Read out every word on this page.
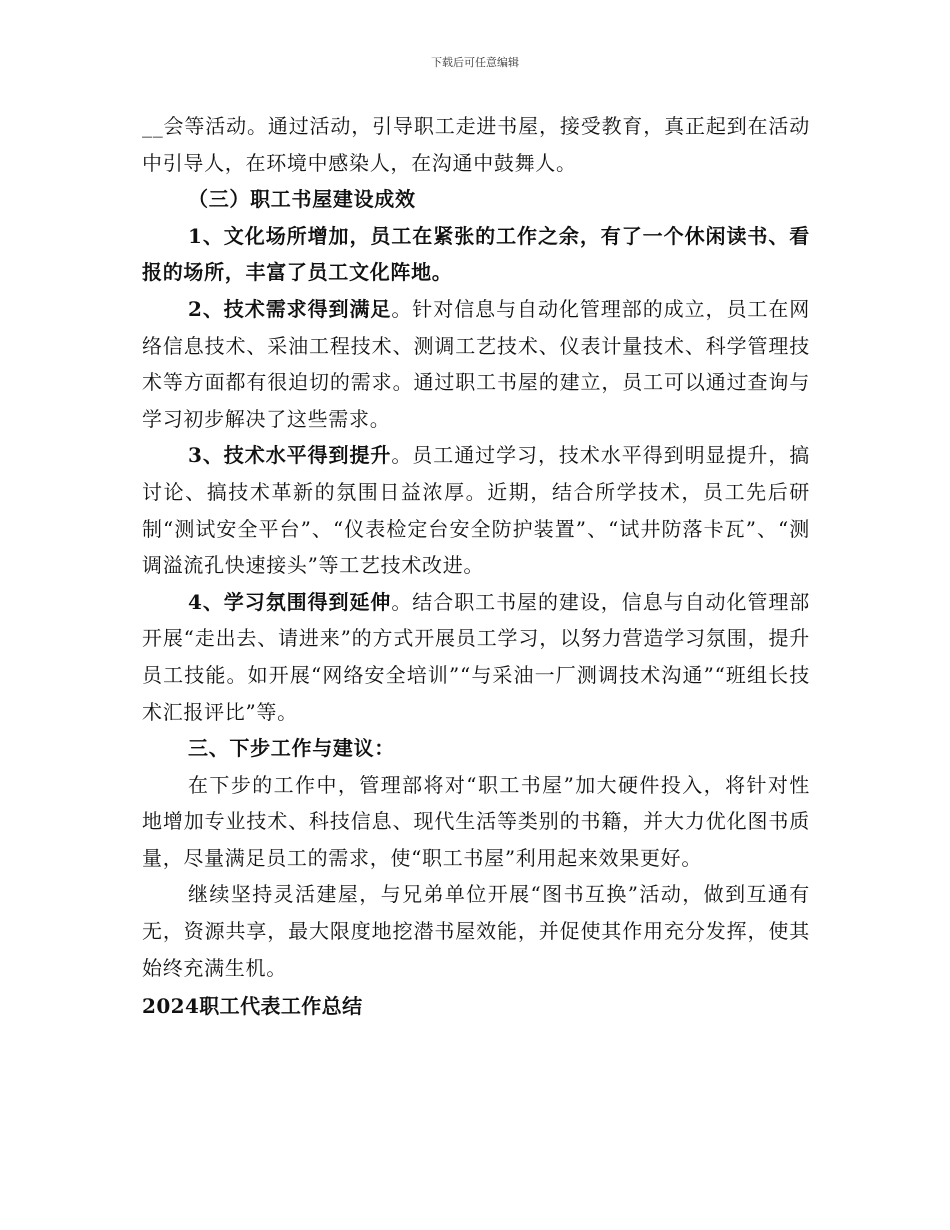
下载后可任意编辑

__会等活动。通过活动，引导职工走进书屋，接受教育，真正起到在活动中引导人，在环境中感染人，在沟通中鼓舞人。

（三）职工书屋建设成效

1、文化场所增加，员工在紧张的工作之余，有了一个休闲读书、看报的场所，丰富了员工文化阵地。

2、技术需求得到满足。针对信息与自动化管理部的成立，员工在网络信息技术、采油工程技术、测调工艺技术、仪表计量技术、科学管理技术等方面都有很迫切的需求。通过职工书屋的建立，员工可以通过查询与学习初步解决了这些需求。

3、技术水平得到提升。员工通过学习，技术水平得到明显提升，搞讨论、搞技术革新的氛围日益浓厚。近期，结合所学技术，员工先后研制“测试安全平台”、“仪表检定台安全防护装置”、“试井防落卡瓦”、“测调溢流孔快速接头”等工艺技术改进。

4、学习氛围得到延伸。结合职工书屋的建设，信息与自动化管理部开展“走出去、请进来”的方式开展员工学习，以努力营造学习氛围，提升员工技能。如开展“网络安全培训”“与采油一厂测调技术沟通”“班组长技术汇报评比”等。

三、下步工作与建议：

在下步的工作中，管理部将对“职工书屋”加大硬件投入，将针对性地增加专业技术、科技信息、现代生活等类别的书籍，并大力优化图书质量，尽量满足员工的需求，使“职工书屋”利用起来效果更好。

继续坚持灵活建屋，与兄弟单位开展“图书互换”活动，做到互通有无，资源共享，最大限度地挖潜书屋效能，并促使其作用充分发挥，使其始终充满生机。

2024职工代表工作总结
